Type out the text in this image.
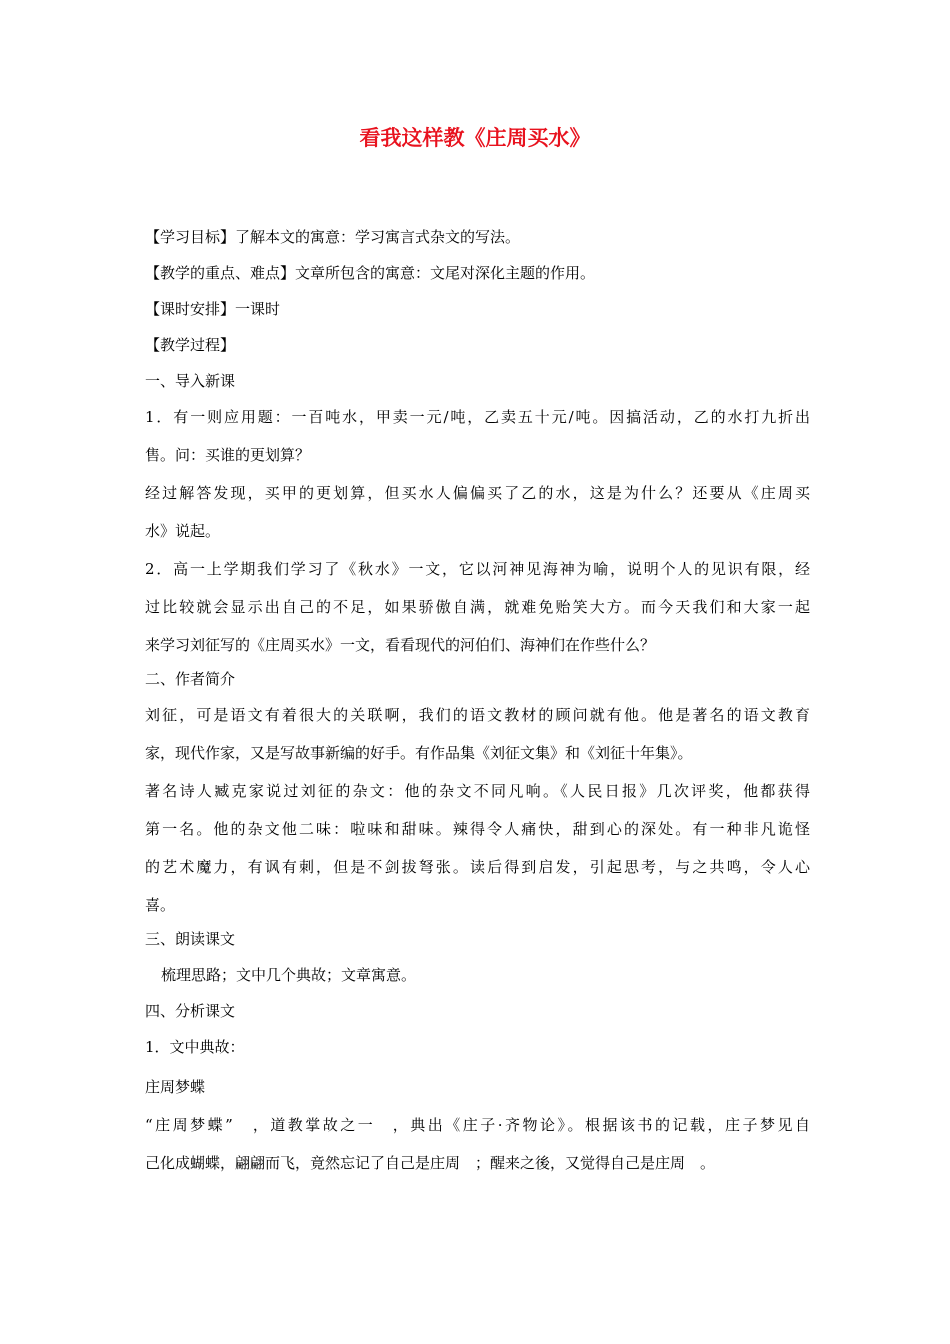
看我这样教《庄周买水》
【学习目标】了解本文的寓意：学习寓言式杂文的写法。
【教学的重点、难点】文章所包含的寓意：文尾对深化主题的作用。
【课时安排】一课时
【教学过程】
一、导入新课
1．有一则应用题：一百吨水，甲卖一元/吨，乙卖五十元/吨。因搞活动，乙的水打九折出
售。问：买谁的更划算？
经过解答发现，买甲的更划算，但买水人偏偏买了乙的水，这是为什么？还要从《庄周买
水》说起。
2．高一上学期我们学习了《秋水》一文，它以河神见海神为喻，说明个人的见识有限，经
过比较就会显示出自己的不足，如果骄傲自满，就难免贻笑大方。而今天我们和大家一起
来学习刘征写的《庄周买水》一文，看看现代的河伯们、海神们在作些什么？
二、作者简介
刘征，可是语文有着很大的关联啊，我们的语文教材的顾问就有他。他是著名的语文教育
家，现代作家，又是写故事新编的好手。有作品集《刘征文集》和《刘征十年集》。
著名诗人臧克家说过刘征的杂文：他的杂文不同凡响。《人民日报》几次评奖，他都获得
第一名。他的杂文他二味：啦味和甜味。辣得令人痛快，甜到心的深处。有一种非凡诡怪
的艺术魔力，有讽有刺，但是不剑拔弩张。读后得到启发，引起思考，与之共鸣，令人心
喜。
三、朗读课文
梳理思路；文中几个典故；文章寓意。
四、分析课文
1．文中典故：
庄周梦蝶
“庄周梦蝶”　，道教掌故之一　，典出《庄子·齐物论》。根据该书的记载，庄子梦见自
己化成蝴蝶，翩翩而飞，竟然忘记了自己是庄周　；醒来之後，又觉得自己是庄周　。
